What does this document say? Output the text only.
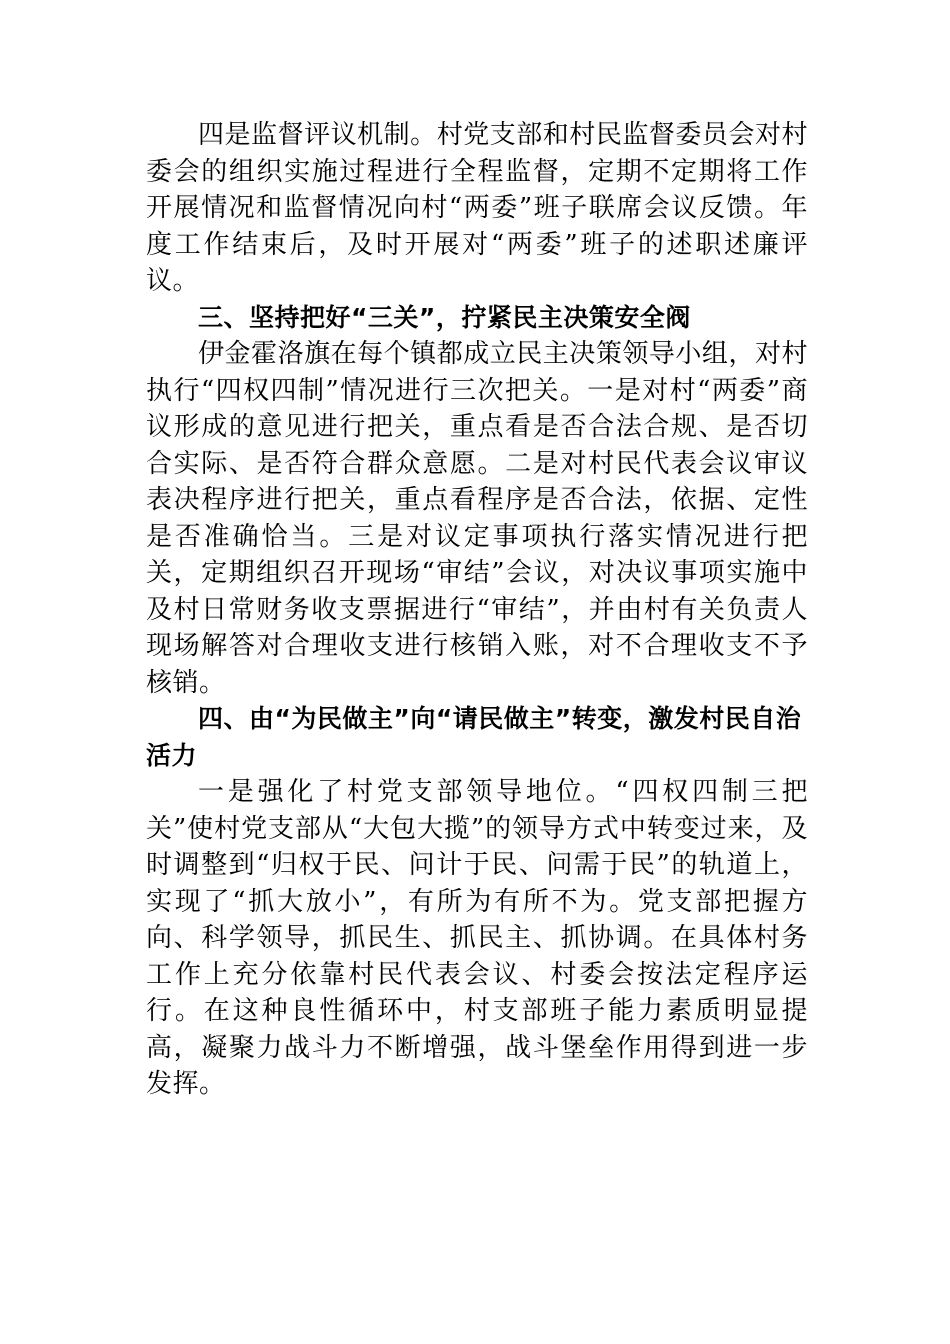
四是监督评议机制。村党支部和村民监督委员会对村委会的组织实施过程进行全程监督，定期不定期将工作开展情况和监督情况向村“两委”班子联席会议反馈。年度工作结束后，及时开展对“两委”班子的述职述廉评议。

三、坚持把好“三关”，拧紧民主决策安全阀

伊金霍洛旗在每个镇都成立民主决策领导小组，对村执行“四权四制”情况进行三次把关。一是对村“两委”商议形成的意见进行把关，重点看是否合法合规、是否切合实际、是否符合群众意愿。二是对村民代表会议审议表决程序进行把关，重点看程序是否合法，依据、定性是否准确恰当。三是对议定事项执行落实情况进行把关，定期组织召开现场“审结”会议，对决议事项实施中及村日常财务收支票据进行“审结”，并由村有关负责人现场解答对合理收支进行核销入账，对不合理收支不予核销。

四、由“为民做主”向“请民做主”转变，激发村民自治活力

一是强化了村党支部领导地位。“四权四制三把关”使村党支部从“大包大揽”的领导方式中转变过来，及时调整到“归权于民、问计于民、问需于民”的轨道上，实现了“抓大放小”，有所为有所不为。党支部把握方向、科学领导，抓民生、抓民主、抓协调。在具体村务工作上充分依靠村民代表会议、村委会按法定程序运行。在这种良性循环中，村支部班子能力素质明显提高，凝聚力战斗力不断增强，战斗堡垒作用得到进一步发挥。
